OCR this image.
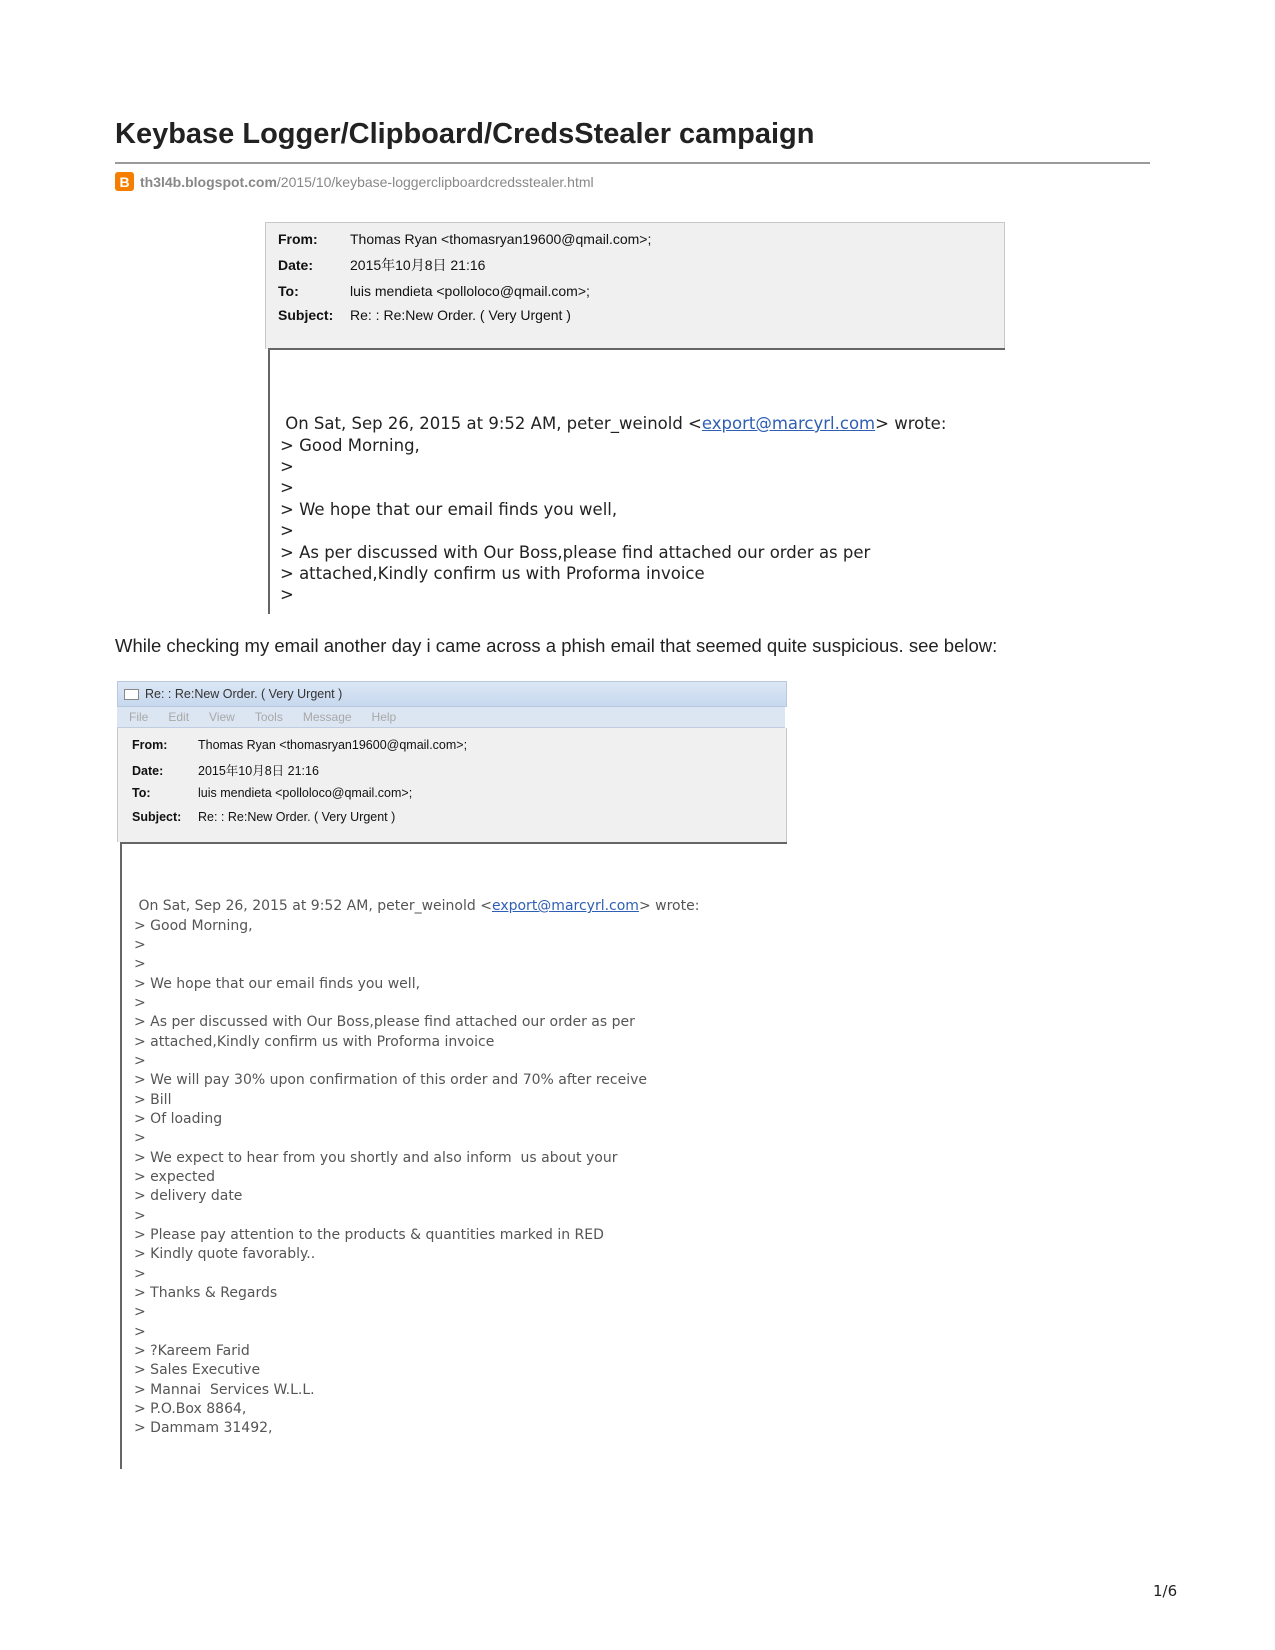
Keybase Logger/Clipboard/CredsStealer campaign
B th3l4b.blogspot.com /2015/10/keybase-loggerclipboardcredsstealer.html
From: Thomas Ryan <thomasryan19600@qmail.com>;
Date:	2015年10月8日 21:16
To:	luis mendieta <pollolocο@qmail.com>;
Subject: Re: : Re:New Order. ( Very Urgent )
On Sat, Sep 26, 2015 at 9:52 AM, peter_weinold <export@marcyrl.com> wrote:
> Good Morning,
>
>
> We hope that our email finds you well,
>
> As per discussed with Our Boss,please find attached our order as per
> attached,Kindly confirm us with Proforma invoice
>

While checking my email another day i came across a phish email that seemed quite suspicious. see below:

Re: : Re:New Order. ( Very Urgent )
File Edit View Tools Message Help
From: Thomas Ryan <thomasryan19600@qmail.com>;
Date:	2015年10月8日 21:16
To:	luis mendieta <pollolocο@qmail.com>;
Subject: Re: : Re:New Order. ( Very Urgent )
On Sat, Sep 26, 2015 at 9:52 AM, peter_weinold <export@marcyrl.com> wrote:
> Good Morning,
>
>
> We hope that our email finds you well,
>
> As per discussed with Our Boss,please find attached our order as per
> attached,Kindly confirm us with Proforma invoice
>
> We will pay 30% upon confirmation of this order and 70% after receive
> Bill
> Of loading
>
> We expect to hear from you shortly and also inform  us about your
> expected
> delivery date
>
> Please pay attention to the products & quantities marked in RED
> Kindly quote favorably..
>
> Thanks & Regards
>
>
> ?Kareem Farid
> Sales Executive
> Mannai  Services W.L.L.
> P.O.Box 8864,
> Dammam 31492,
1/6
